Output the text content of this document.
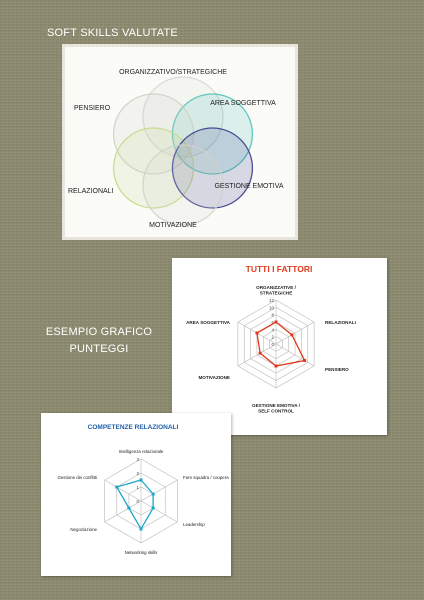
SOFT SKILLS VALUTATE
ORGANIZZATIVO/STRATEGICHE
AREA SOGGETTIVA
PENSIERO
RELAZIONALI
GESTIONE EMOTIVA
MOTIVAZIONE
ESEMPIO GRAFICO
PUNTEGGI
TUTTI I FATTORI
0
2
4
6
8
10
12
ORGANIZZATIVE / STRATEGICHE
RELAZIONALI
PENSIERO
GESTIONE EMOTIVA / SELF CONTROL
MOTIVAZIONE
AREA SOGGETTIVA
COMPETENZE RELAZIONALI
0
1
2
3
Intelligenza relazionale
Fare squadra / coopera
Leadership
Networking skills
Negoziazione
Gestione dei conflitti
